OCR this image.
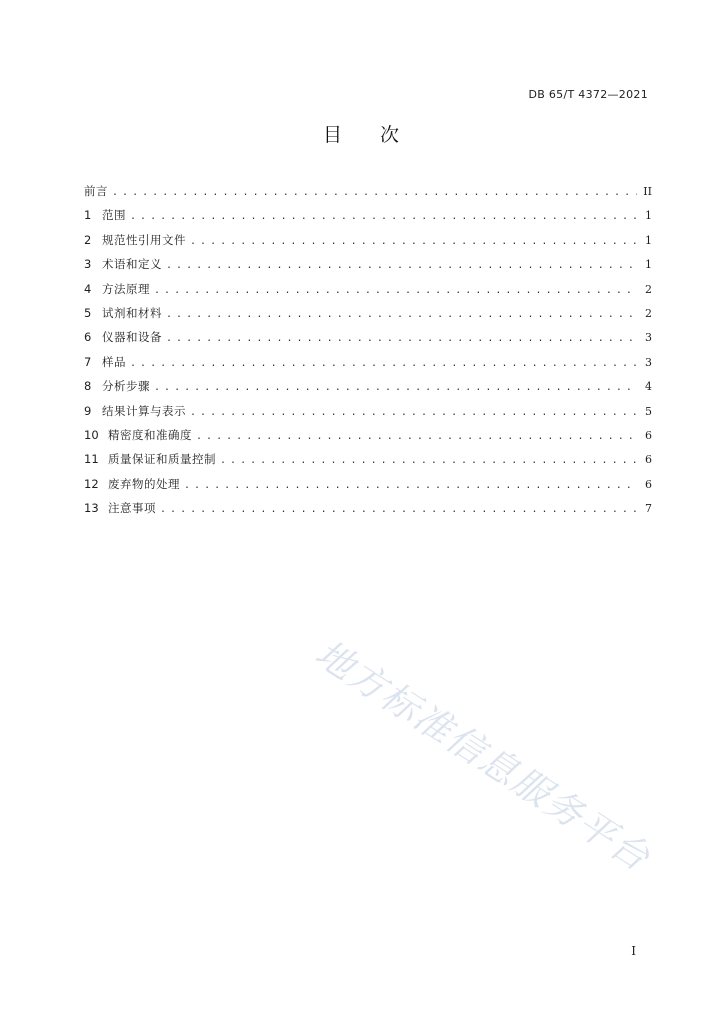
DB 65/T 4372—2021
目 次
前言 . . .	II
1 范围 . . .	1
2 规范性引用文件 . . .	1
3 术语和定义 . . .	1
4 方法原理 . . .	2
5 试剂和材料 . . .	2
6 仪器和设备 . . .	3
7 样品 . . .	3
8 分析步骤 . . .	4
9 结果计算与表示 . . .	5
10 精密度和准确度 . . .	6
11 质量保证和质量控制 . . .	6
12 废弃物的处理 . . .	6
13 注意事项 . . .	7
地方标准信息服务平台
I
